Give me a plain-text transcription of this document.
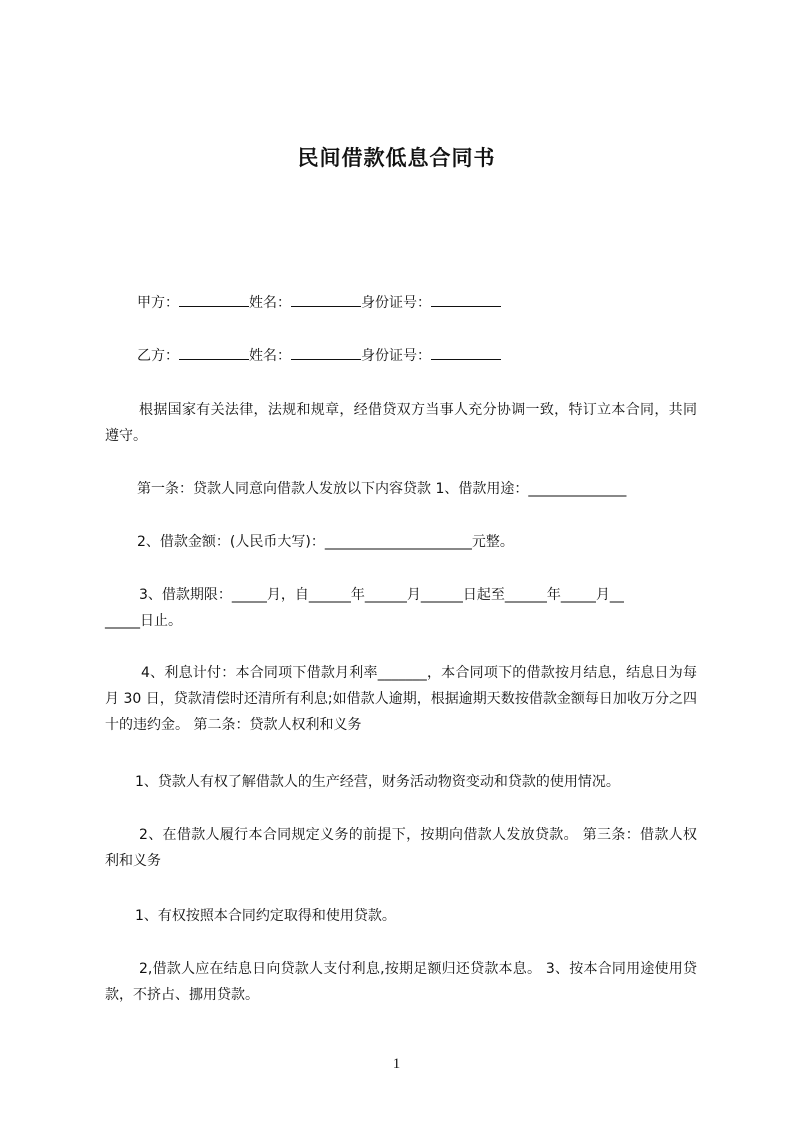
民间借款低息合同书
甲方：	姓名：	身份证号：
乙方：	姓名：	身份证号：
根据国家有关法律，法规和规章，经借贷双方当事人充分协调一致，特订立本合同，共同遵守。
第一条：贷款人同意向借款人发放以下内容贷款 1、借款用途：______________
2、借款金额：(人民币大写)：_____________________元整。
3、借款期限：_____月，自______年______月______日起至______年_____月__
_____日止。
4、利息计付：本合同项下借款月利率_______，本合同项下的借款按月结息，结息日为每月 30 日，贷款清偿时还清所有利息;如借款人逾期，根据逾期天数按借款金额每日加收万分之四十的违约金。 第二条：贷款人权利和义务
1、贷款人有权了解借款人的生产经营，财务活动物资变动和贷款的使用情况。
2、在借款人履行本合同规定义务的前提下，按期向借款人发放贷款。 第三条：借款人权利和义务
1、有权按照本合同约定取得和使用贷款。
2,借款人应在结息日向贷款人支付利息,按期足额归还贷款本息。 3、按本合同用途使用贷款，不挤占、挪用贷款。
1
